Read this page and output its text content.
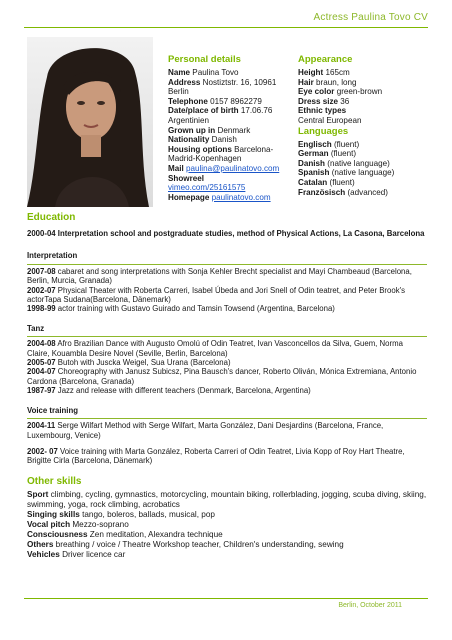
Actress Paulina Tovo CV
Personal details
Name Paulina Tovo
Address Nostiztstr. 16, 10961 Berlin
Telephone 0157 8962279
Date/place of birth 17.06.76 Argentinien
Grown up in Denmark
Nationality Danish
Housing options Barcelona-Madrid-Kopenhagen
Mail paulina@paulinatovo.com
Showreel
vimeo.com/25161575
Homepage paulinatovo.com
Appearance
Height 165cm
Hair braun, long
Eye color green-brown
Dress size 36
Ethnic types
Central European
Languages
Englisch (fluent)
German (fluent)
Danish (native language)
Spanish (native language)
Catalan (fluent)
Französisch (advanced)
Education
2000-04 Interpretation school and postgraduate studies, method of Physical Actions, La Casona, Barcelona
Interpretation
2007-08 cabaret and song interpretations with Sonja Kehler Brecht specialist and Mayi Chambeaud (Barcelona, Berlin, Murcia, Granada)
2002-07 Physical Theater with Roberta Carreri, Isabel Úbeda and Jori Snell of Odin teatret, and Peter Brook's actorTapa Sudana(Barcelona, Dänemark)
1998-99 actor training with Gustavo Guirado and Tamsin Towsend (Argentina, Barcelona)
Tanz
2004-08 Afro Brazilian Dance with Augusto Omolú of Odin Teatret, Ivan Vasconcellos da Silva, Guem, Norma Claire, Kouambla Desire Novel (Seville, Berlin, Barcelona)
2005-07 Butoh with Juscka Weigel, Sua Urana (Barcelona)
2004-07 Choreography with Janusz Subicsz, Pina Bausch's dancer, Roberto Oliván, Mónica Extremiana, Antonio Cardona (Barcelona, Granada)
1987-97 Jazz and release with different teachers (Denmark, Barcelona, Argentina)
Voice training
2004-11 Serge Wilfart Method with Serge Wilfart, Marta González, Dani Desjardins (Barcelona, France, Luxembourg, Venice)
2002- 07 Voice training with Marta González, Roberta Carreri of Odin Teatret, Livia Kopp of Roy Hart Theatre, Brigitte Cirla (Barcelona, Dänemark)
Other skills
Sport climbing, cycling, gymnastics, motorcycling, mountain biking, rollerblading, jogging, scuba diving, skiing, swimming, yoga, rock climbing, acrobatics
Singing skills tango, boleros, ballads, musical, pop
Vocal pitch Mezzo-soprano
Consciousness Zen meditation, Alexandra technique
Others breathing / voice / Theatre Workshop teacher, Children's understanding, sewing
Vehicles Driver licence car
Berlin, October 2011
